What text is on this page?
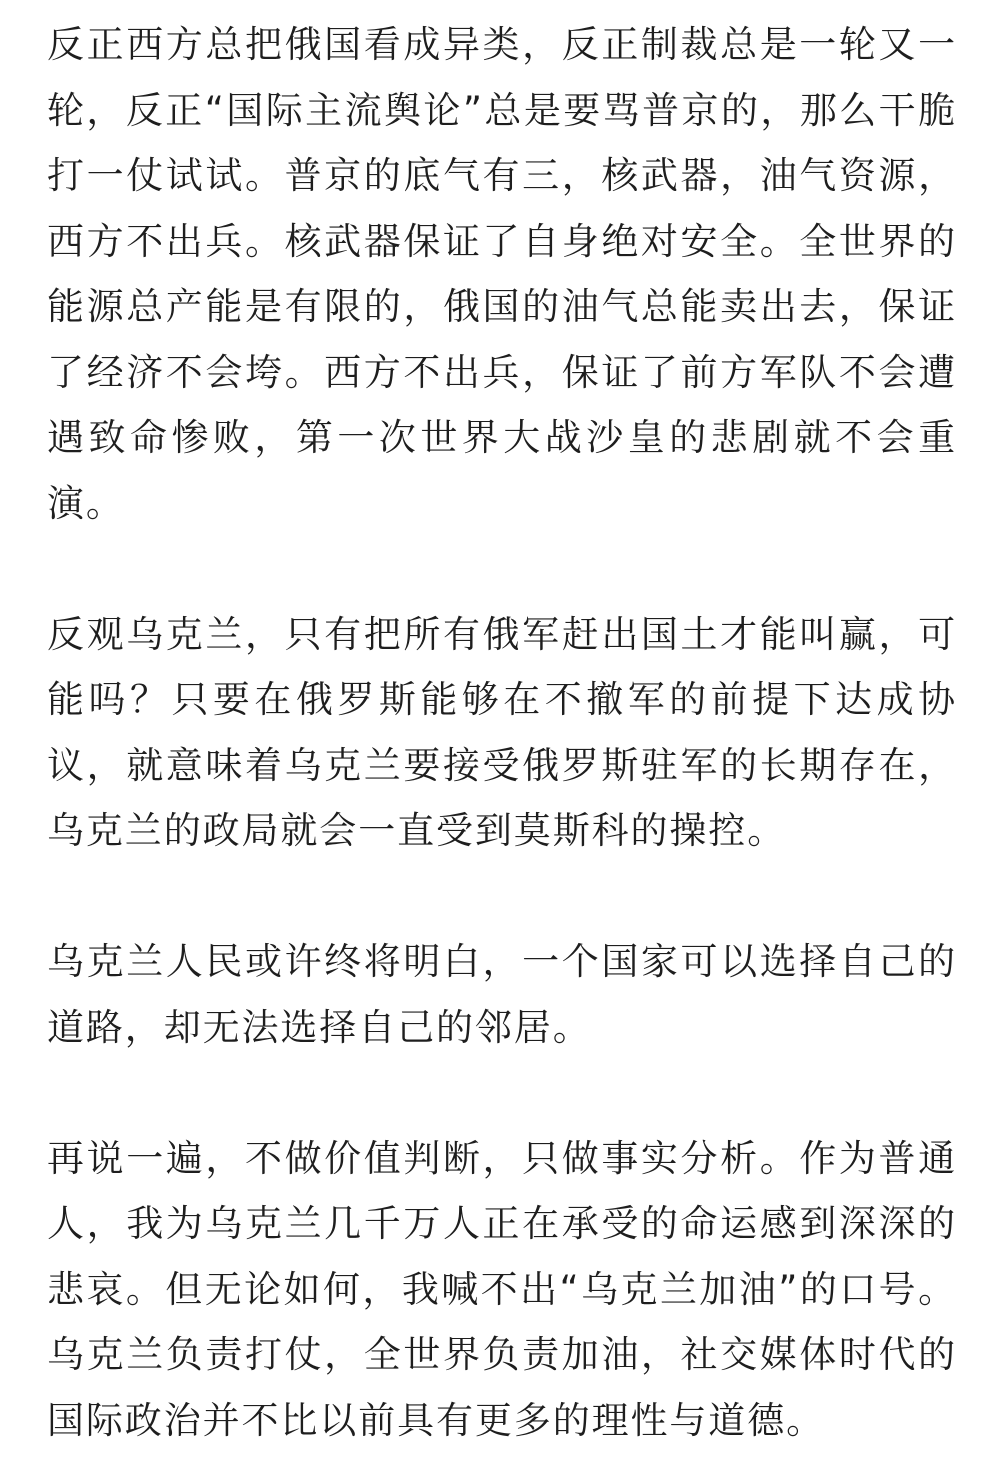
反正西方总把俄国看成异类，反正制裁总是一轮又一轮，反正“国际主流舆论”总是要骂普京的，那么干脆打一仗试试。普京的底气有三，核武器，油气资源，西方不出兵。核武器保证了自身绝对安全。全世界的能源总产能是有限的，俄国的油气总能卖出去，保证了经济不会垮。西方不出兵，保证了前方军队不会遭遇致命惨败，第一次世界大战沙皇的悲剧就不会重演。

反观乌克兰，只有把所有俄军赶出国土才能叫赢，可能吗？只要在俄罗斯能够在不撤军的前提下达成协议，就意味着乌克兰要接受俄罗斯驻军的长期存在，乌克兰的政局就会一直受到莫斯科的操控。

乌克兰人民或许终将明白，一个国家可以选择自己的道路，却无法选择自己的邻居。

再说一遍，不做价值判断，只做事实分析。作为普通人，我为乌克兰几千万人正在承受的命运感到深深的悲哀。但无论如何，我喊不出“乌克兰加油”的口号。乌克兰负责打仗，全世界负责加油，社交媒体时代的国际政治并不比以前具有更多的理性与道德。
